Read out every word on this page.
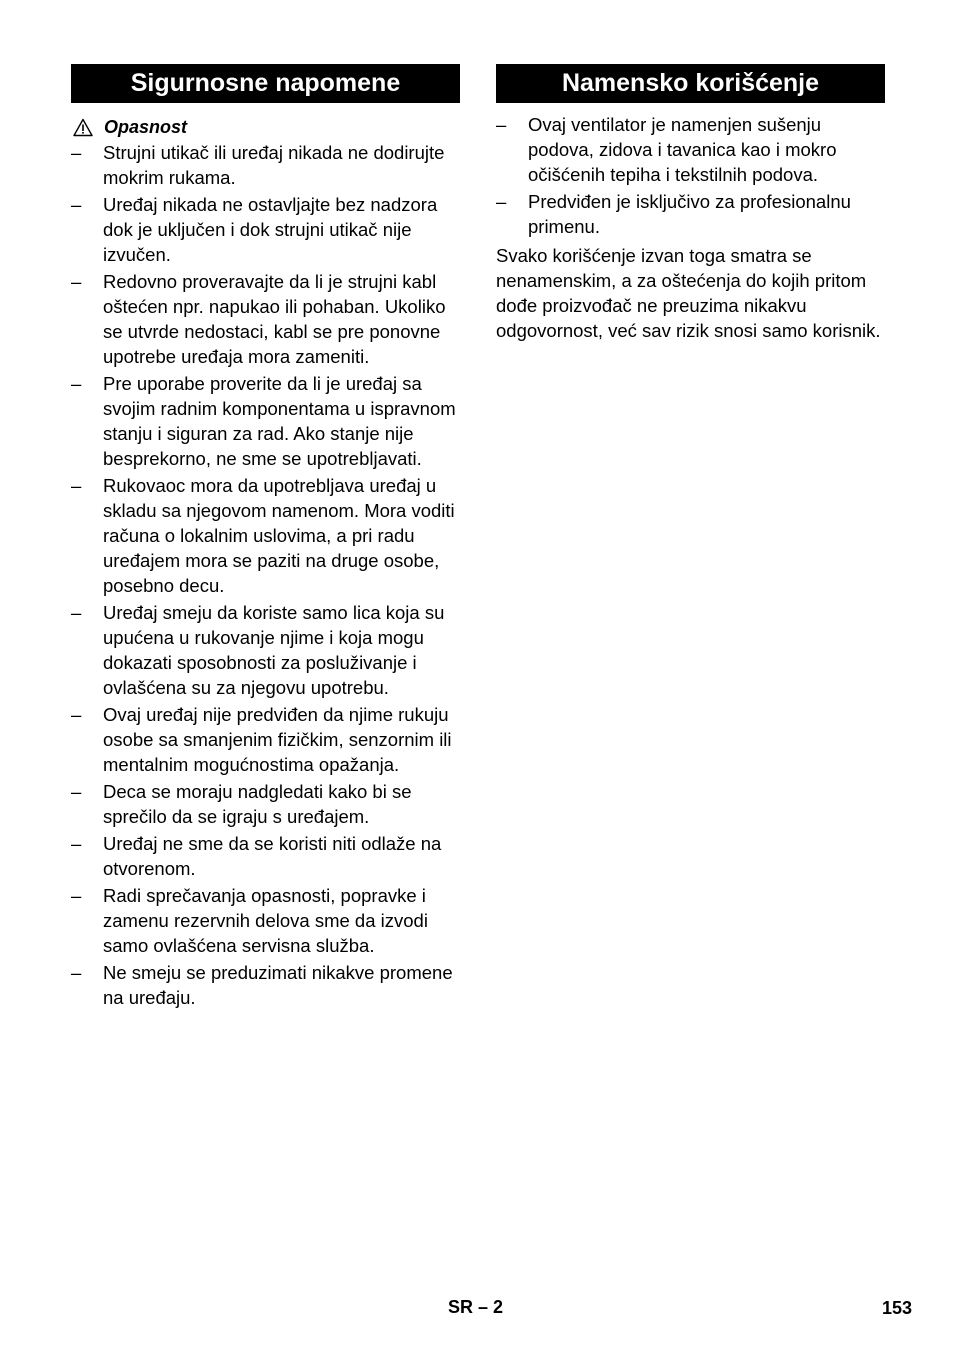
Sigurnosne napomene
Opasnost
– Strujni utikač ili uređaj nikada ne dodirujte mokrim rukama.
– Uređaj nikada ne ostavljajte bez nadzora dok je uključen i dok strujni utikač nije izvučen.
– Redovno proveravajte da li je strujni kabl oštećen npr. napukao ili pohaban. Ukoliko se utvrde nedostaci, kabl se pre ponovne upotrebe uređaja mora zameniti.
– Pre uporabe proverite da li je uređaj sa svojim radnim komponentama u ispravnom stanju i siguran za rad. Ako stanje nije besprekorno, ne sme se upotrebljavati.
– Rukovaoc mora da upotrebljava uređaj u skladu sa njegovom namenom. Mora voditi računa o lokalnim uslovima, a pri radu uređajem mora se paziti na druge osobe, posebno decu.
– Uređaj smeju da koriste samo lica koja su upućena u rukovanje njime i koja mogu dokazati sposobnosti za posluživanje i ovlašćena su za njegovu upotrebu.
– Ovaj uređaj nije predviđen da njime rukuju osobe sa smanjenim fizičkim, senzornim ili mentalnim mogućnostima opažanja.
– Deca se moraju nadgledati kako bi se sprečilo da se igraju s uređajem.
– Uređaj ne sme da se koristi niti odlaže na otvorenom.
– Radi sprečavanja opasnosti, popravke i zamenu rezervnih delova sme da izvodi samo ovlašćena servisna služba.
– Ne smeju se preduzimati nikakve promene na uređaju.
Namensko korišćenje
– Ovaj ventilator je namenjen sušenju podova, zidova i tavanica kao i mokro očišćenih tepiha i tekstilnih podova.
– Predviđen je isključivo za profesionalnu primenu.

Svako korišćenje izvan toga smatra se nenamenskim, a za oštećenja do kojih pritom dođe proizvođač ne preuzima nikakvu odgovornost, već sav rizik snosi samo korisnik.

SR – 2	153
